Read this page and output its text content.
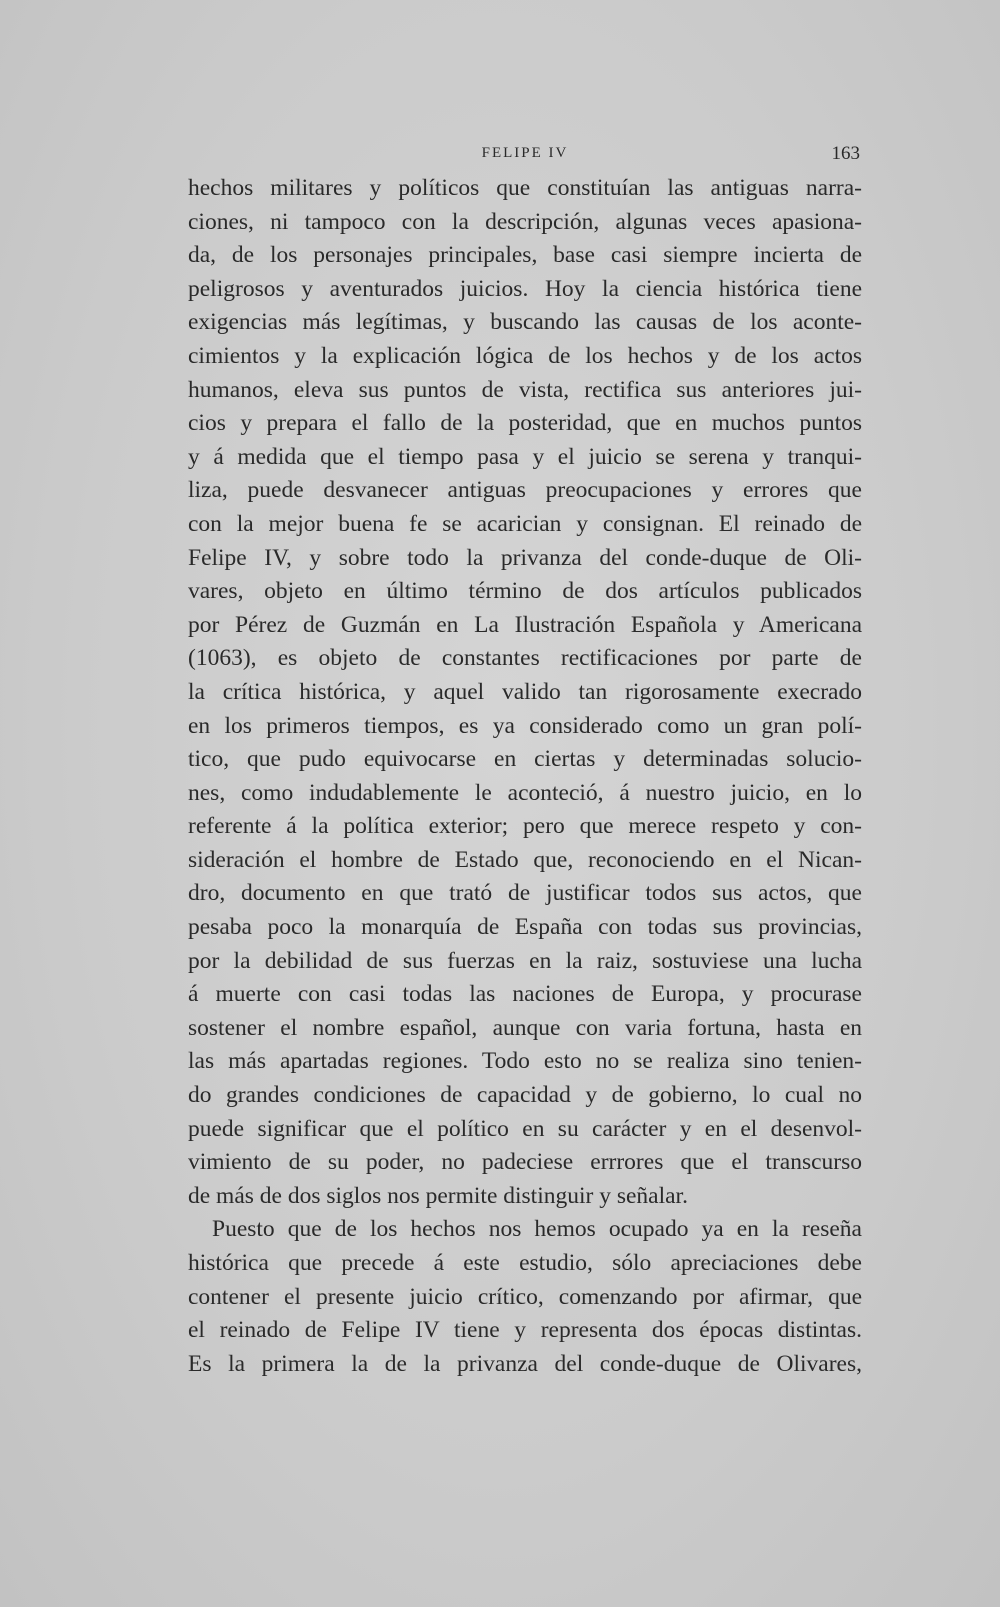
FELIPE IV	163
hechos militares y políticos que constituían las antiguas narra-
ciones, ni tampoco con la descripción, algunas veces apasiona-
da, de los personajes principales, base casi siempre incierta de
peligrosos y aventurados juicios. Hoy la ciencia histórica tiene
exigencias más legítimas, y buscando las causas de los aconte-
cimientos y la explicación lógica de los hechos y de los actos
humanos, eleva sus puntos de vista, rectifica sus anteriores jui-
cios y prepara el fallo de la posteridad, que en muchos puntos
y á medida que el tiempo pasa y el juicio se serena y tranqui-
liza, puede desvanecer antiguas preocupaciones y errores que
con la mejor buena fe se acarician y consignan. El reinado de
Felipe IV, y sobre todo la privanza del conde-duque de Oli-
vares, objeto en último término de dos artículos publicados
por Pérez de Guzmán en La Ilustración Española y Americana
(1063), es objeto de constantes rectificaciones por parte de
la crítica histórica, y aquel valido tan rigorosamente execrado
en los primeros tiempos, es ya considerado como un gran polí-
tico, que pudo equivocarse en ciertas y determinadas solucio-
nes, como indudablemente le aconteció, á nuestro juicio, en lo
referente á la política exterior; pero que merece respeto y con-
sideración el hombre de Estado que, reconociendo en el Nican-
dro, documento en que trató de justificar todos sus actos, que
pesaba poco la monarquía de España con todas sus provincias,
por la debilidad de sus fuerzas en la raiz, sostuviese una lucha
á muerte con casi todas las naciones de Europa, y procurase
sostener el nombre español, aunque con varia fortuna, hasta en
las más apartadas regiones. Todo esto no se realiza sino tenien-
do grandes condiciones de capacidad y de gobierno, lo cual no
puede significar que el político en su carácter y en el desenvol-
vimiento de su poder, no padeciese errrores que el transcurso
de más de dos siglos nos permite distinguir y señalar.
Puesto que de los hechos nos hemos ocupado ya en la reseña
histórica que precede á este estudio, sólo apreciaciones debe
contener el presente juicio crítico, comenzando por afirmar, que
el reinado de Felipe IV tiene y representa dos épocas distintas.
Es la primera la de la privanza del conde-duque de Olivares,
